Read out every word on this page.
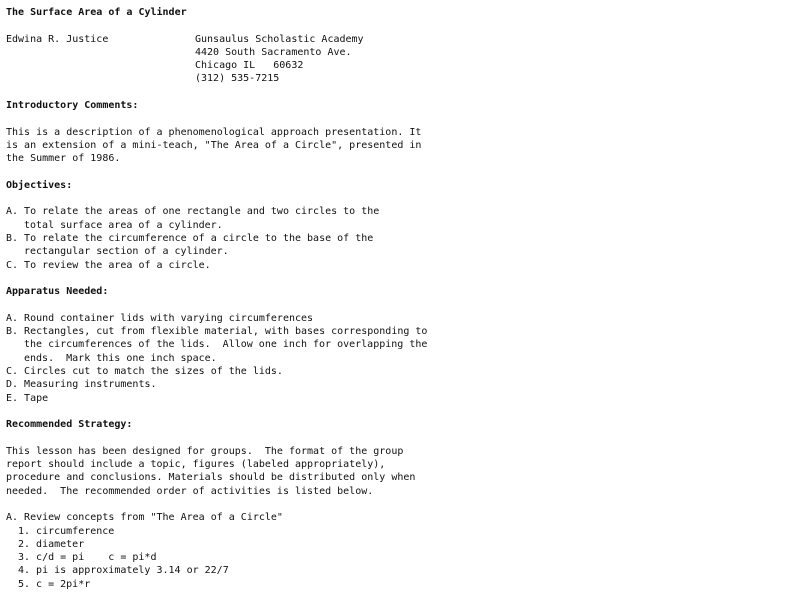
The Surface Area of a Cylinder
Edwina R. Justice	Gunsaulus Scholastic Academy
4420 South Sacramento Ave.
Chicago IL   60632
(312) 535-7215
Introductory Comments:
This is a description of a phenomenological approach presentation. It
is an extension of a mini-teach, "The Area of a Circle", presented in
the Summer of 1986.
Objectives:
A. To relate the areas of one rectangle and two circles to the
total surface area of a cylinder.
B. To relate the circumference of a circle to the base of the
rectangular section of a cylinder.
C. To review the area of a circle.
Apparatus Needed:
A. Round container lids with varying circumferences
B. Rectangles, cut from flexible material, with bases corresponding to
the circumferences of the lids.  Allow one inch for overlapping the
ends.  Mark this one inch space.
C. Circles cut to match the sizes of the lids.
D. Measuring instruments.
E. Tape
Recommended Strategy:
This lesson has been designed for groups.  The format of the group
report should include a topic, figures (labeled appropriately),
procedure and conclusions. Materials should be distributed only when
needed.  The recommended order of activities is listed below.
A. Review concepts from "The Area of a Circle"
1. circumference
2. diameter
3. c/d = pi    c = pi*d
4. pi is approximately 3.14 or 22/7
5. c = 2pi*r
